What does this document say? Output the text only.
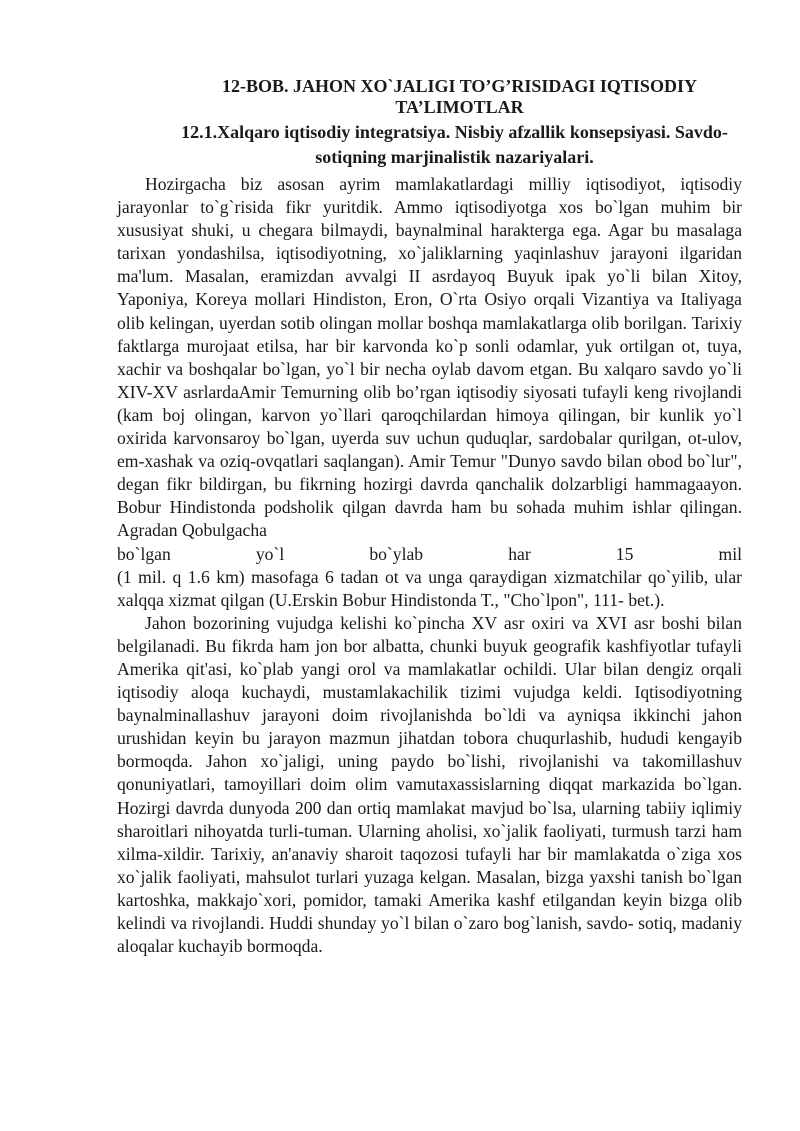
12-BOB. JAHON XO`JALIGI TO’G’RISIDAGI IQTISODIY TA’LIMOTLAR
12.1.Xalqaro iqtisodiy integratsiya. Nisbiy afzallik konsepsiyasi. Savdo-sotiqning marjinalistik nazariyalari.
Hozirgacha biz asosan ayrim mamlakatlardagi milliy iqtisodiyot, iqtisodiy jarayonlar to`g`risida fikr yuritdik. Ammo iqtisodiyotga xos bo`lgan muhim bir xususiyat shuki, u chegara bilmaydi, baynalminal harakterga ega. Agar bu masalaga tarixan yondashilsa, iqtisodiyotning, xo`jaliklarning yaqinlashuv jarayoni ilgaridan ma'lum. Masalan, eramizdan avvalgi II asrdayoq Buyuk ipak yo`li bilan Xitoy, Yaponiya, Koreya mollari Hindiston, Eron, O`rta Osiyo orqali Vizantiya va Italiyaga olib kelingan, uyerdan sotib olingan mollar boshqa mamlakatlarga olib borilgan. Tarixiy faktlarga murojaat etilsa, har bir karvonda ko`p sonli odamlar, yuk ortilgan ot, tuya, xachir va boshqalar bo`lgan, yo`l bir necha oylab davom etgan. Bu xalqaro savdo yo`li XIV-XV asrlardaAmir Temurning olib bo’rgan iqtisodiy siyosati tufayli keng rivojlandi (kam boj olingan, karvon yo`llari qaroqchilardan himoya qilingan, bir kunlik yo`l oxirida karvonsaroy bo`lgan, uyerda suv uchun quduqlar, sardobalar qurilgan, ot-ulov, em-xashak va oziq-ovqatlari saqlangan). Amir Temur "Dunyo savdo bilan obod bo`lur", degan fikr bildirgan, bu fikrning hozirgi davrda qanchalik dolzarbligi hammagaayon. Bobur Hindistonda podsholik qilgan davrda ham bu sohada muhim ishlar qilingan. Agradan Qobulgacha
bo`lgan yo`l bo`ylab har 15 mil
(1 mil. q 1.6 km) masofaga 6 tadan ot va unga qaraydigan xizmatchilar qo`yilib, ular xalqqa xizmat qilgan (U.Erskin Bobur Hindistonda T., "Cho`lpon", 111- bet.).

Jahon bozorining vujudga kelishi ko`pincha XV asr oxiri va XVI asr boshi bilan belgilanadi. Bu fikrda ham jon bor albatta, chunki buyuk geografik kashfiyotlar tufayli Amerika qit'asi, ko`plab yangi orol va mamlakatlar ochildi. Ular bilan dengiz orqali iqtisodiy aloqa kuchaydi, mustamlakachilik tizimi vujudga keldi. Iqtisodiyotning baynalminallashuv jarayoni doim rivojlanishda bo`ldi va ayniqsa ikkinchi jahon urushidan keyin bu jarayon mazmun jihatdan tobora chuqurlashib, hududi kengayib bormoqda. Jahon xo`jaligi, uning paydo bo`lishi, rivojlanishi va takomillashuv qonuniyatlari, tamoyillari doim olim vamutaxassislarning diqqat markazida bo`lgan. Hozirgi davrda dunyoda 200 dan ortiq mamlakat mavjud bo`lsa, ularning tabiiy iqlimiy sharoitlari nihoyatda turli-tuman. Ularning aholisi, xo`jalik faoliyati, turmush tarzi ham xilma-xildir. Tarixiy, an'anaviy sharoit taqozosi tufayli har bir mamlakatda o`ziga xos xo`jalik faoliyati, mahsulot turlari yuzaga kelgan. Masalan, bizga yaxshi tanish bo`lgan kartoshka, makkajo`xori, pomidor, tamaki Amerika kashf etilgandan keyin bizga olib kelindi va rivojlandi. Huddi shunday yo`l bilan o`zaro bog`lanish, savdo- sotiq, madaniy aloqalar kuchayib bormoqda.
